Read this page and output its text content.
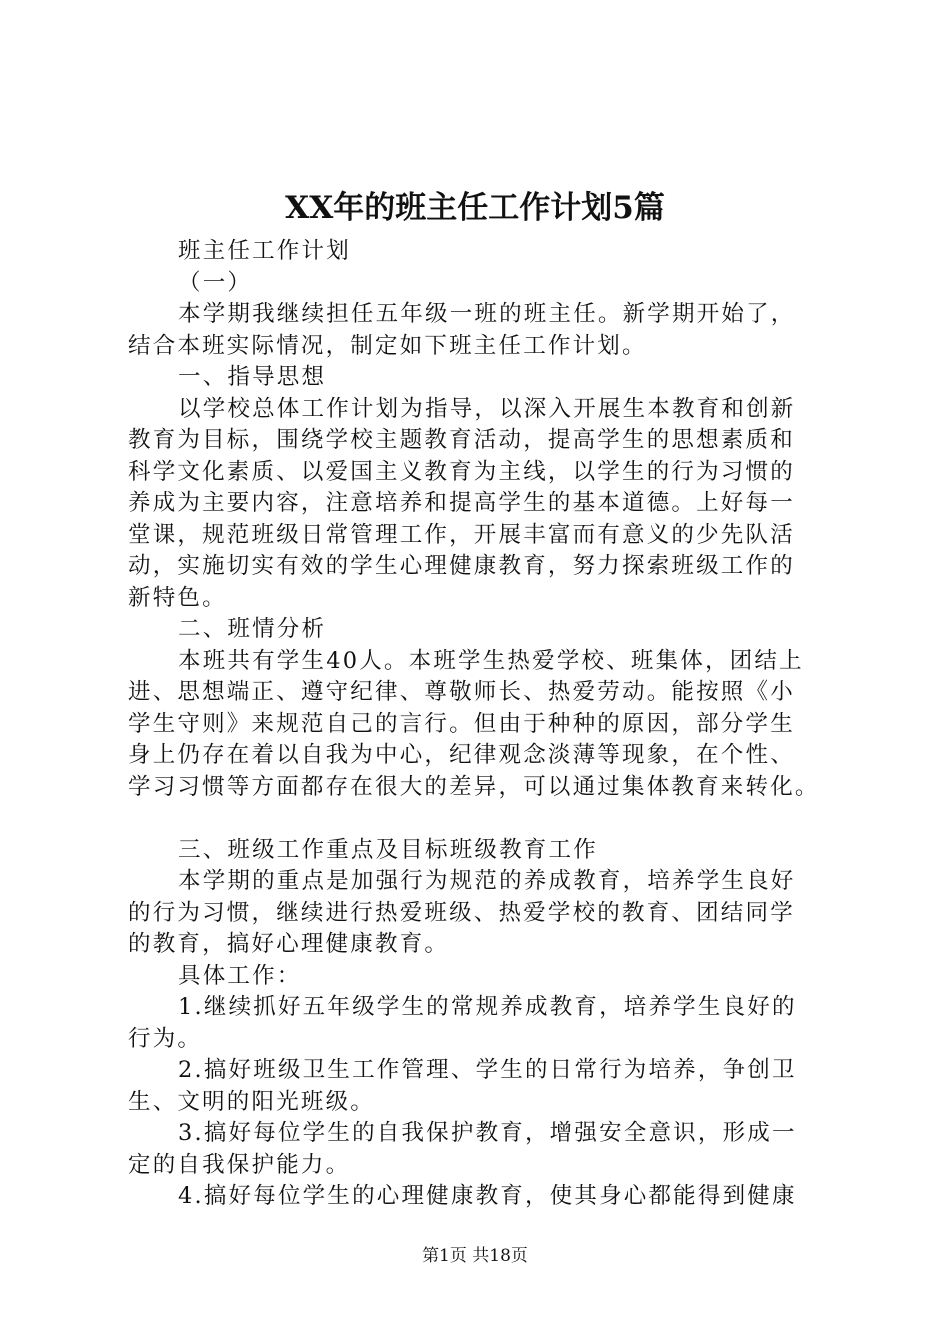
XX年的班主任工作计划5篇
班主任工作计划
（一）
本学期我继续担任五年级一班的班主任。新学期开始了，
结合本班实际情况，制定如下班主任工作计划。
一、指导思想
以学校总体工作计划为指导，以深入开展生本教育和创新
教育为目标，围绕学校主题教育活动，提高学生的思想素质和
科学文化素质、以爱国主义教育为主线，以学生的行为习惯的
养成为主要内容，注意培养和提高学生的基本道德。上好每一
堂课，规范班级日常管理工作，开展丰富而有意义的少先队活
动，实施切实有效的学生心理健康教育，努力探索班级工作的
新特色。
二、班情分析
本班共有学生40人。本班学生热爱学校、班集体，团结上
进、思想端正、遵守纪律、尊敬师长、热爱劳动。能按照《小
学生守则》来规范自己的言行。但由于种种的原因，部分学生
身上仍存在着以自我为中心，纪律观念淡薄等现象，在个性、
学习习惯等方面都存在很大的差异，可以通过集体教育来转化。
三、班级工作重点及目标班级教育工作
本学期的重点是加强行为规范的养成教育，培养学生良好
的行为习惯，继续进行热爱班级、热爱学校的教育、团结同学
的教育，搞好心理健康教育。
具体工作：
1.继续抓好五年级学生的常规养成教育，培养学生良好的
行为。
2.搞好班级卫生工作管理、学生的日常行为培养，争创卫
生、文明的阳光班级。
3.搞好每位学生的自我保护教育，增强安全意识，形成一
定的自我保护能力。
4.搞好每位学生的心理健康教育，使其身心都能得到健康
第1页 共18页
